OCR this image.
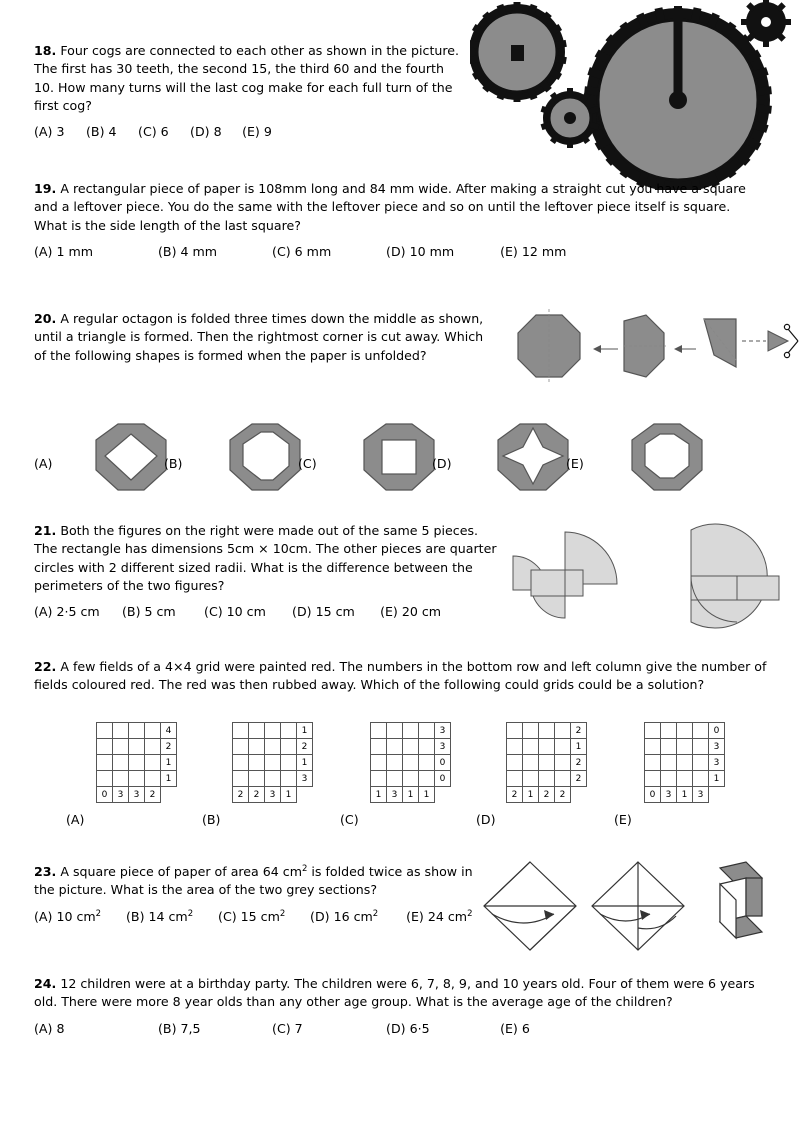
18. Four cogs are connected to each other as shown in the picture. The first has 30 teeth, the second 15, the third 60 and the fourth 10. How many turns will the last cog make for each full turn of the first cog?
(A) 3 (B) 4 (C) 6 (D) 8 (E) 9
19. A rectangular piece of paper is 108mm long and 84 mm wide. After making a straight cut you have a square and a leftover piece. You do the same with the leftover piece and so on until the leftover piece itself is square. What is the side length of the last square?
(A) 1 mm	(B) 4 mm	(C) 6 mm	(D) 10 mm	(E) 12 mm
20. A regular octagon is folded three times down the middle as shown, until a triangle is formed. Then the rightmost corner is cut away. Which of the following shapes is formed when the paper is unfolded?
(A)	(B)	(C)	(D)	(E)
21. Both the figures on the right were made out of the same 5 pieces. The rectangle has dimensions 5cm × 10cm. The other pieces are quarter circles with 2 different sized radii. What is the difference between the perimeters of the two figures?
(A) 2·5 cm (B) 5 cm (C) 10 cm (D) 15 cm (E) 20 cm
22. A few fields of a 4×4 grid were painted red. The numbers in the bottom row and left column give the number of fields coloured red. The red was then rubbed away. Which of the following could grids could be a solution?
				4
				2
				1
				1
0	3	3	2	
(A)
				1
				2
				1
				3
2	2	3	1	
(B)
				3
				3
				0
				0
1	3	1	1	
(C)
				2
				1
				2
				2
2	1	2	2	
(D)
				0
				3
				3
				1
0	3	1	3	
(E)
23. A square piece of paper of area 64 $cm^2$ is folded twice as show in the picture. What is the area of the two grey sections?
(A) 10 $cm^2$ (B) 14 $cm^2$ (C) 15 $cm^2$ (D) 16 $cm^2$ (E) 24 $cm^2$
24. 12 children were at a birthday party. The children were 6, 7, 8, 9, and 10 years old. Four of them were 6 years old. There were more 8 year olds than any other age group. What is the average age of the children?
(A) 8	(B) 7,5	(C) 7	(D) 6·5	(E) 6
